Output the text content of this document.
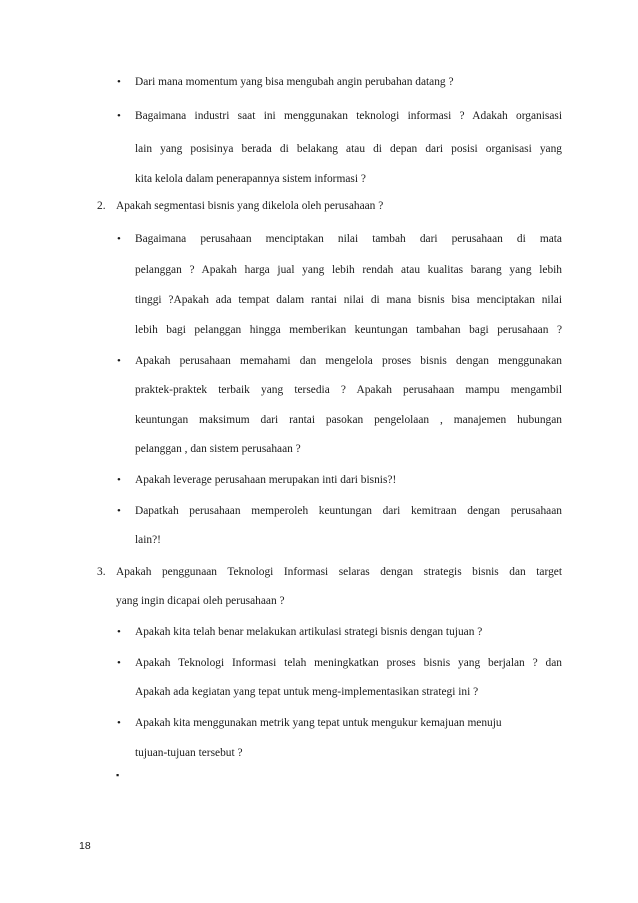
• Dari mana momentum yang bisa mengubah angin perubahan datang ?
• Bagaimana industri saat ini menggunakan teknologi informasi ? Adakah organisasi
lain yang posisinya berada di belakang atau di depan dari posisi organisasi yang
kita kelola dalam penerapannya sistem informasi ?
2. Apakah segmentasi bisnis yang dikelola oleh perusahaan ?
• Bagaimana perusahaan menciptakan nilai tambah dari perusahaan di mata
pelanggan ? Apakah harga jual yang lebih rendah atau kualitas barang yang lebih
tinggi ?Apakah ada tempat dalam rantai nilai di mana bisnis bisa menciptakan nilai
lebih bagi pelanggan hingga memberikan keuntungan tambahan bagi perusahaan ?
• Apakah perusahaan memahami dan mengelola proses bisnis dengan menggunakan
praktek-praktek terbaik yang tersedia ? Apakah perusahaan mampu mengambil
keuntungan maksimum dari rantai pasokan pengelolaan , manajemen hubungan
pelanggan , dan sistem perusahaan ?
• Apakah leverage perusahaan merupakan inti dari bisnis?!
• Dapatkah perusahaan memperoleh keuntungan dari kemitraan dengan perusahaan
lain?!
3. Apakah penggunaan Teknologi Informasi selaras dengan strategis bisnis dan target
yang ingin dicapai oleh perusahaan ?
• Apakah kita telah benar melakukan artikulasi strategi bisnis dengan tujuan ?
• Apakah Teknologi Informasi telah meningkatkan proses bisnis yang berjalan ? dan
Apakah ada kegiatan yang tepat untuk meng-implementasikan strategi ini ?
• Apakah kita menggunakan metrik yang tepat untuk mengukur kemajuan menuju
tujuan-tujuan tersebut ?
▪
18
